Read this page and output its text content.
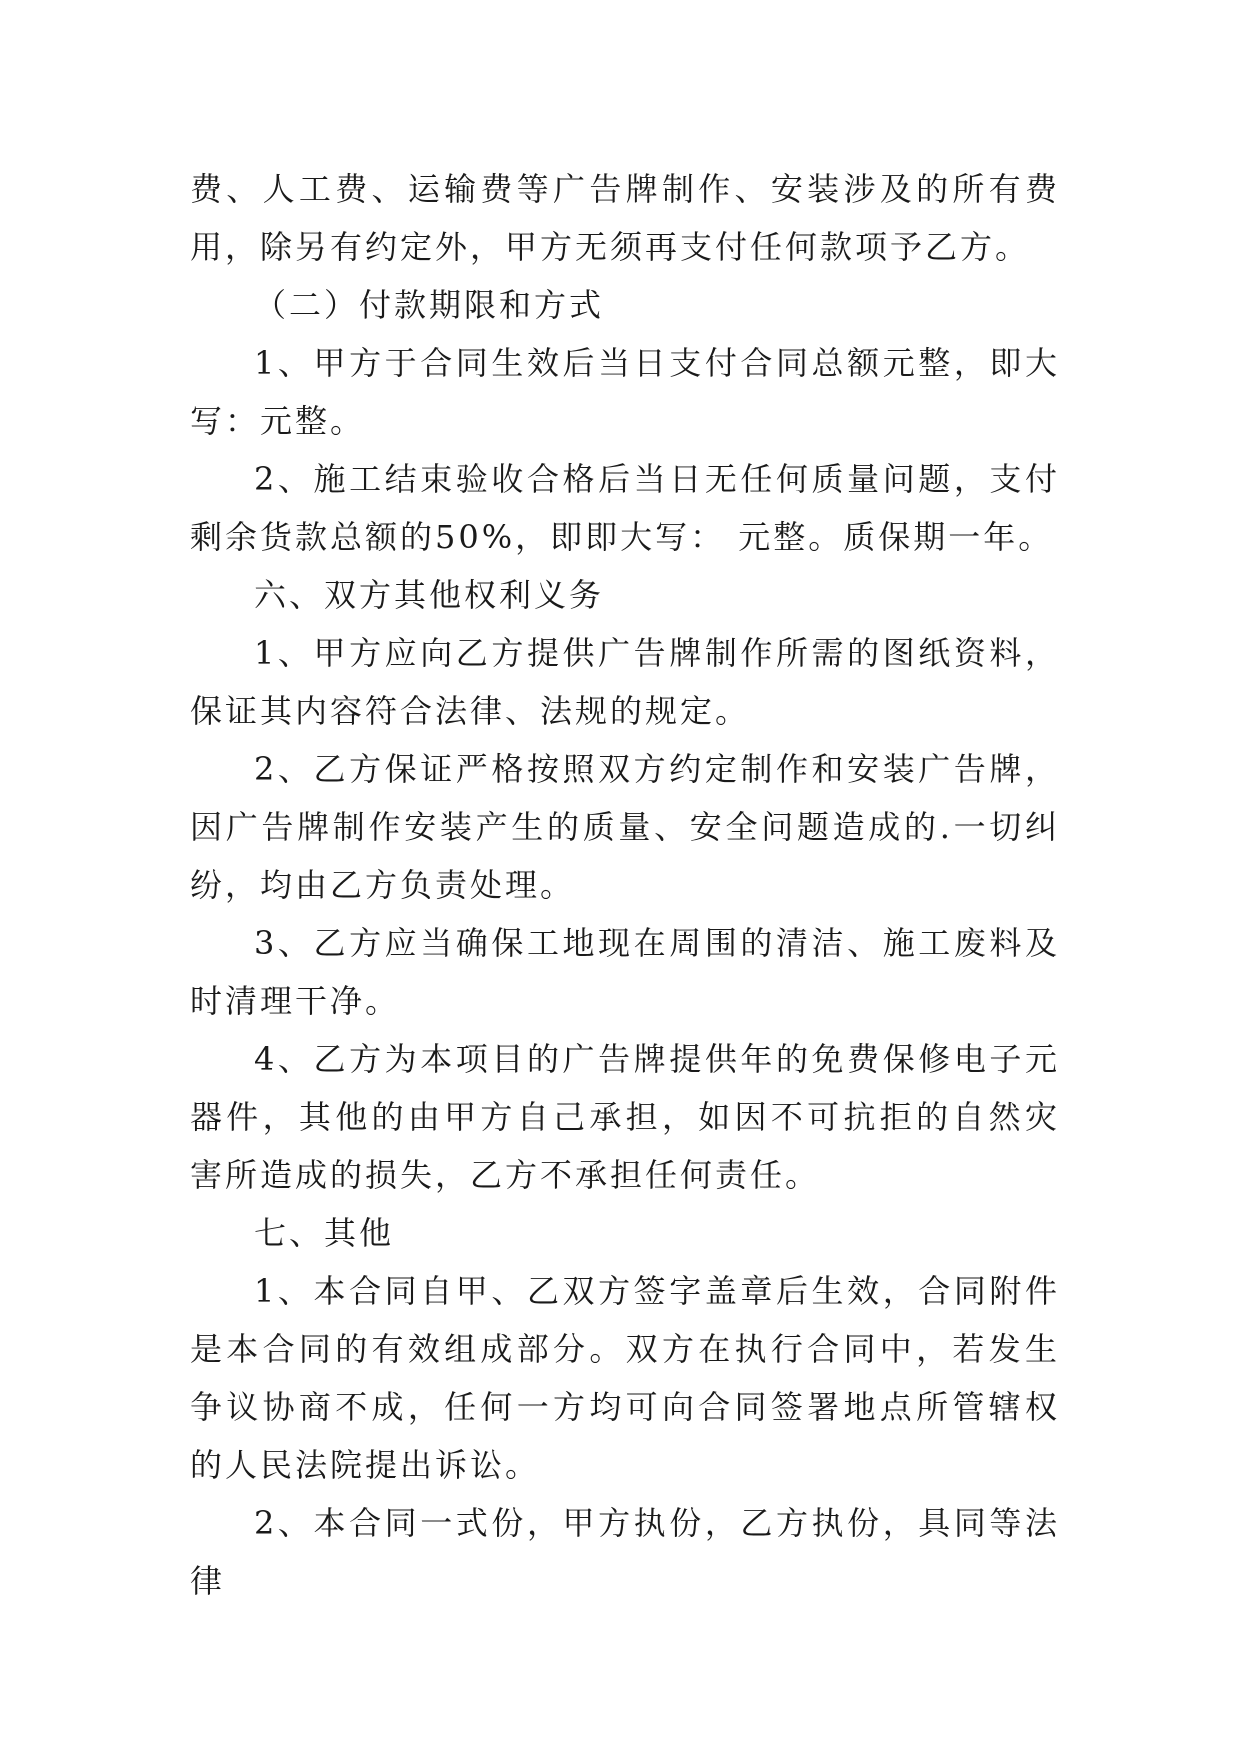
费、人工费、运输费等广告牌制作、安装涉及的所有费用，除另有约定外，甲方无须再支付任何款项予乙方。

（二）付款期限和方式

1、甲方于合同生效后当日支付合同总额元整，即大写：元整。

2、施工结束验收合格后当日无任何质量问题，支付剩余货款总额的50%，即即大写： 元整。质保期一年。

六、双方其他权利义务

1、甲方应向乙方提供广告牌制作所需的图纸资料，保证其内容符合法律、法规的规定。

2、乙方保证严格按照双方约定制作和安装广告牌，因广告牌制作安装产生的质量、安全问题造成的.一切纠纷，均由乙方负责处理。

3、乙方应当确保工地现在周围的清洁、施工废料及时清理干净。

4、乙方为本项目的广告牌提供年的免费保修电子元器件，其他的由甲方自己承担，如因不可抗拒的自然灾害所造成的损失，乙方不承担任何责任。

七、其他

1、本合同自甲、乙双方签字盖章后生效，合同附件是本合同的有效组成部分。双方在执行合同中，若发生争议协商不成，任何一方均可向合同签署地点所管辖权的人民法院提出诉讼。

2、本合同一式份，甲方执份，乙方执份，具同等法律
